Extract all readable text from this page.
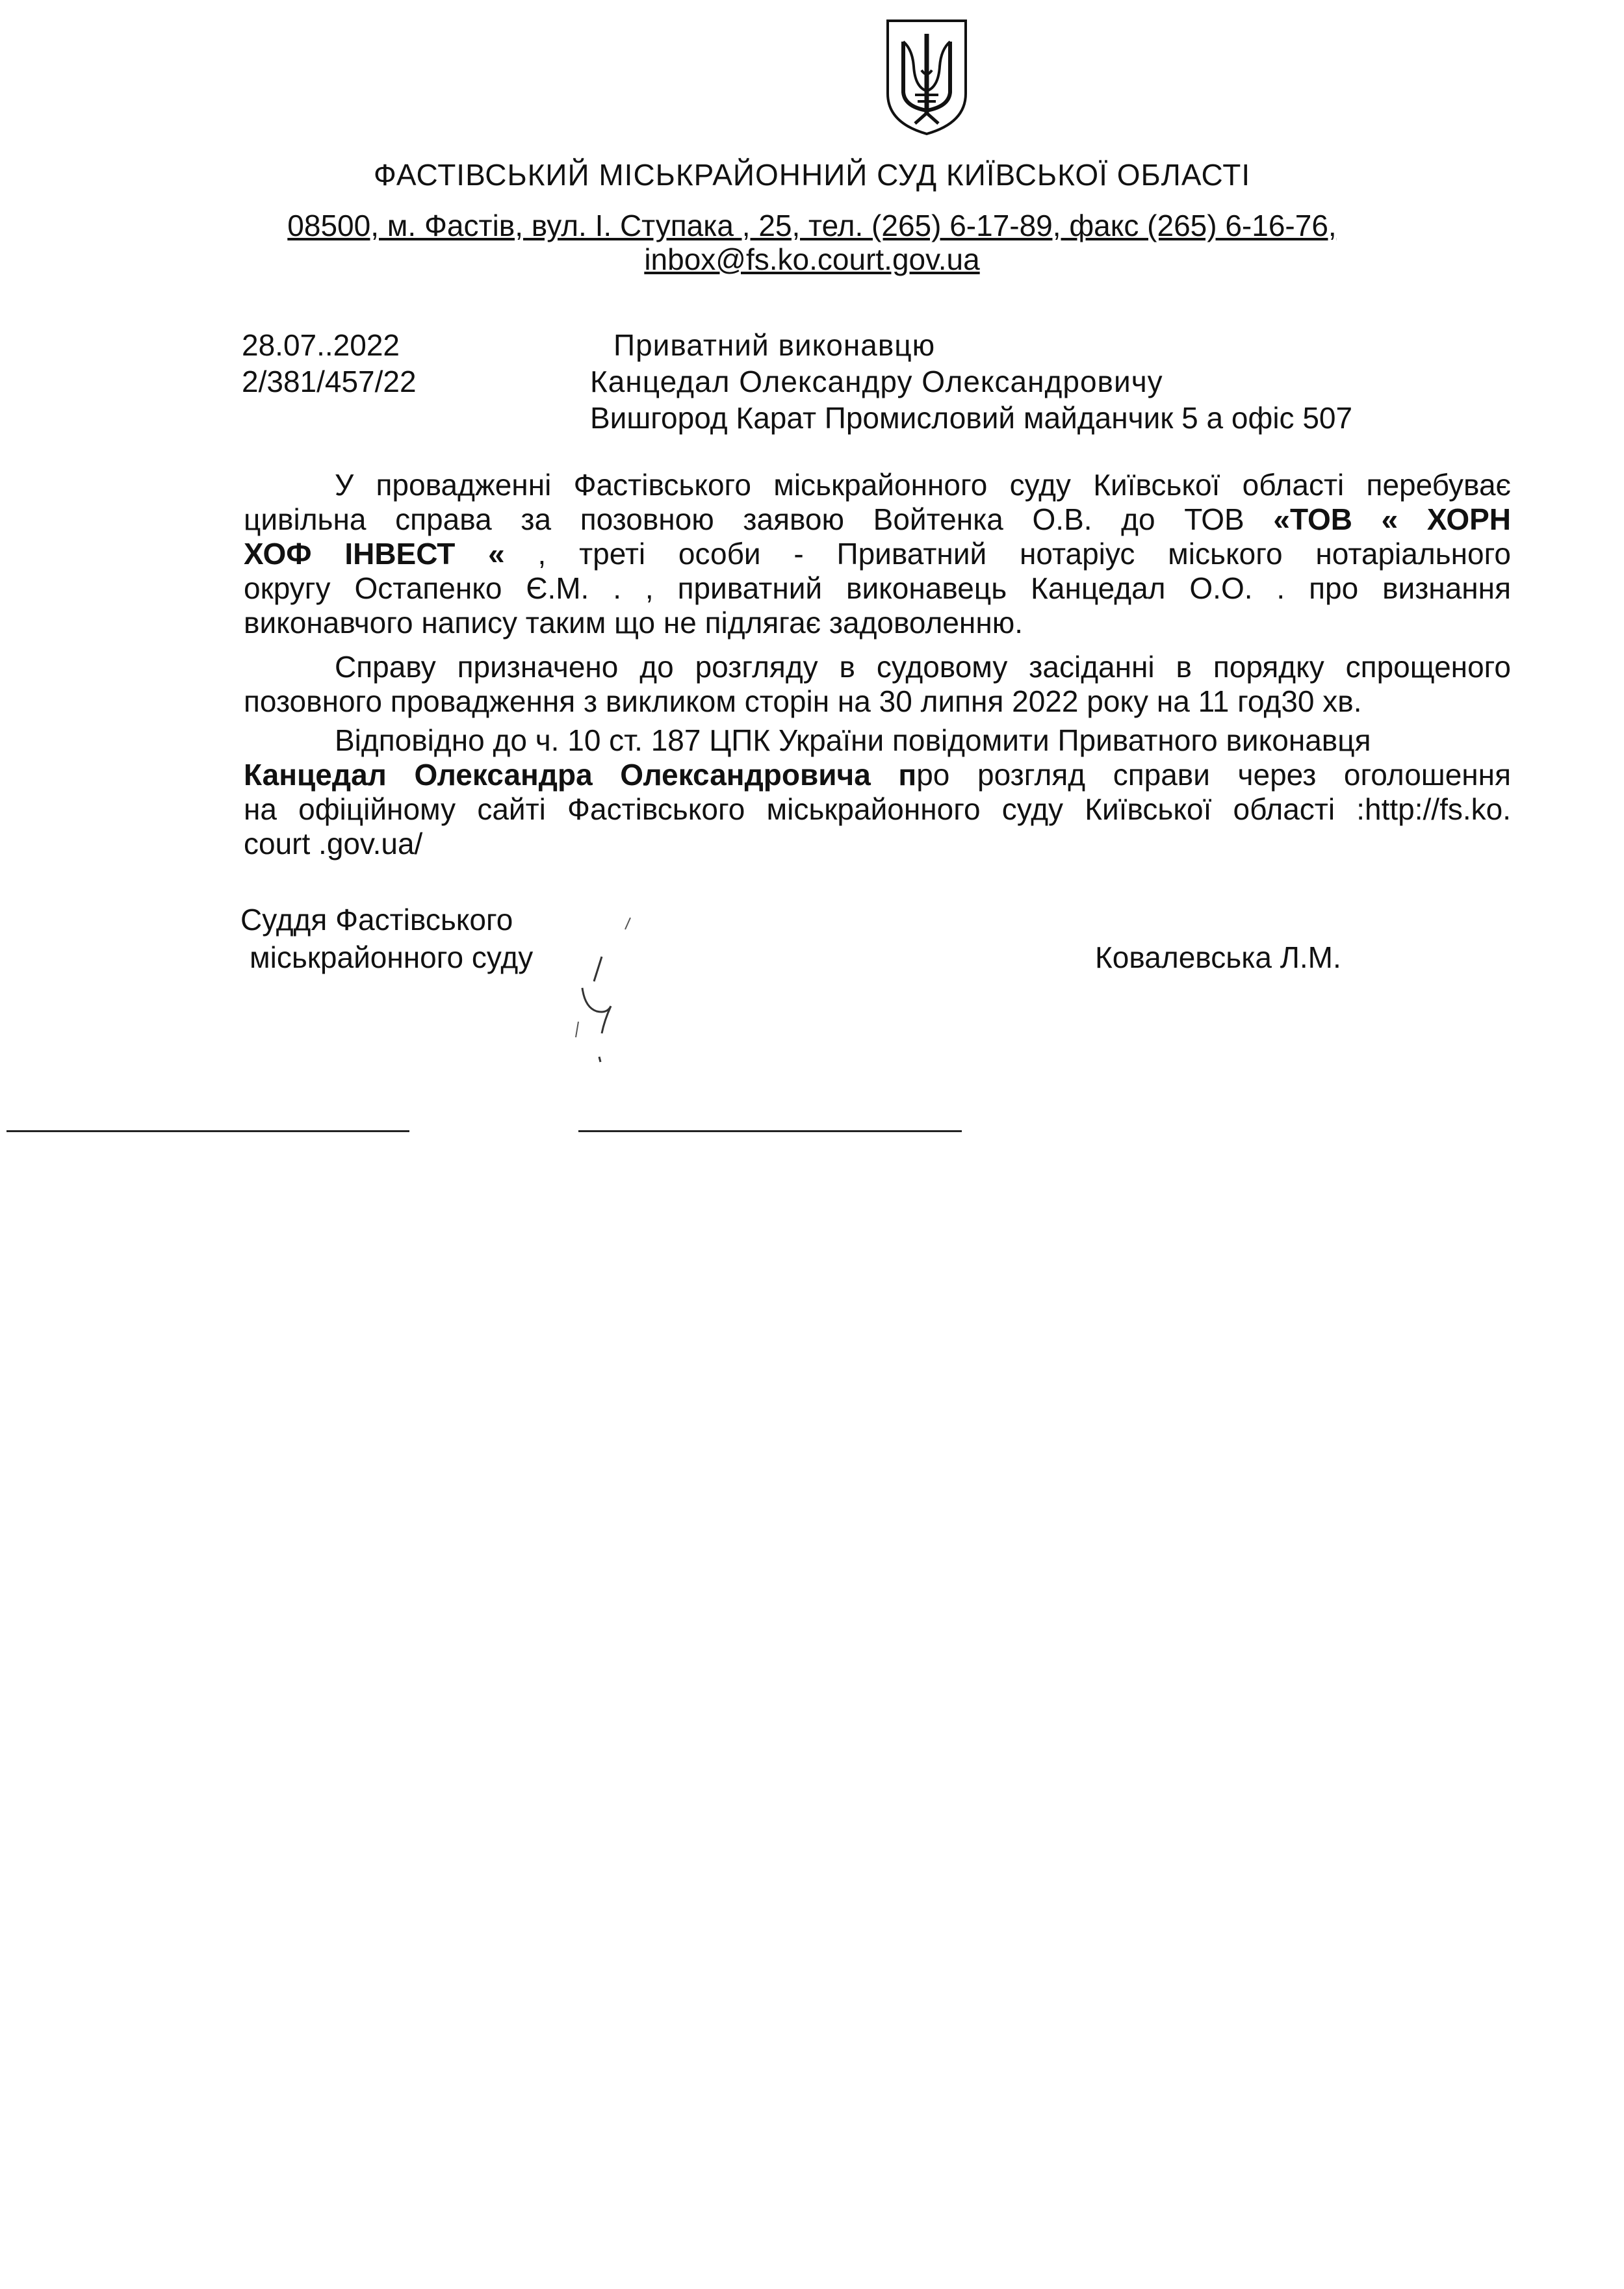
ФАСТІВСЬКИЙ МІСЬКРАЙОННИЙ СУД КИЇВСЬКОЇ ОБЛАСТІ
08500, м. Фастів, вул. І. Ступака , 25, тел. (265) 6-17-89, факс (265) 6-16-76,
inbox@fs.ko.court.gov.ua
28.07..2022
2/381/457/22
Приватний виконавцю
Канцедал Олександру Олександровичу
Вишгород Карат Промисловий майданчик 5 а офіс 507
У провадженні Фастівського міськрайонного суду Київської області перебуває
цивільна справа за позовною заявою Войтенка О.В. до ТОВ «ТОВ « ХОРН
ХОФ ІНВЕСТ « , треті особи - Приватний нотаріус міського нотаріального
округу Остапенко Є.М. . , приватний виконавець Канцедал О.О. . про визнання
виконавчого напису таким що не підлягає задоволенню.
Справу призначено до розгляду в судовому засіданні в порядку спрощеного
позовного провадження з викликом сторін на 30 липня 2022 року на 11 год30 хв.
Відповідно до ч. 10 ст. 187 ЦПК України повідомити Приватного виконавця
Канцедал Олександра Олександровича про розгляд справи через оголошення
на офіційному сайті Фастівського міськрайонного суду Київської області :http://fs.ko.
court .gov.ua/
Суддя Фастівського
міськрайонного суду	Ковалевська Л.М.
